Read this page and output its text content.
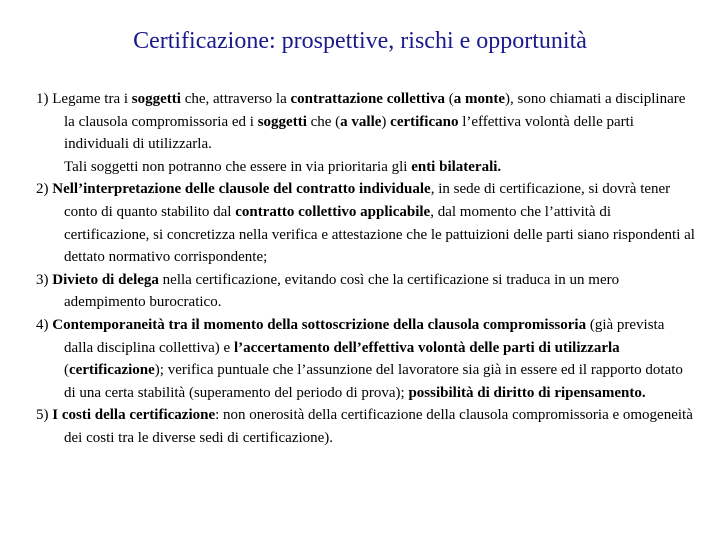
Certificazione: prospettive, rischi e opportunità

1) Legame tra i soggetti che, attraverso la contrattazione collettiva (a monte), sono chiamati a disciplinare la clausola compromissoria ed i soggetti che (a valle) certificano l’effettiva volontà delle parti individuali di utilizzarla.

Tali soggetti non potranno che essere in via prioritaria gli enti bilaterali.

2) Nell’interpretazione delle clausole del contratto individuale, in sede di certificazione, si dovrà tener conto di quanto stabilito dal contratto collettivo applicabile, dal momento che l’attività di certificazione, si concretizza nella verifica e attestazione che le pattuizioni delle parti siano rispondenti al dettato normativo corrispondente;

3) Divieto di delega nella certificazione, evitando così che la certificazione si traduca in un mero adempimento burocratico.

4) Contemporaneità tra il momento della sottoscrizione della clausola compromissoria (già prevista dalla disciplina collettiva) e l’accertamento dell’effettiva volontà delle parti di utilizzarla (certificazione); verifica puntuale che l’assunzione del lavoratore sia già in essere ed il rapporto dotato di una certa stabilità (superamento del periodo di prova); possibilità di diritto di ripensamento.

5) I costi della certificazione: non onerosità della certificazione della clausola compromissoria e omogeneità dei costi tra le diverse sedi di certificazione).
